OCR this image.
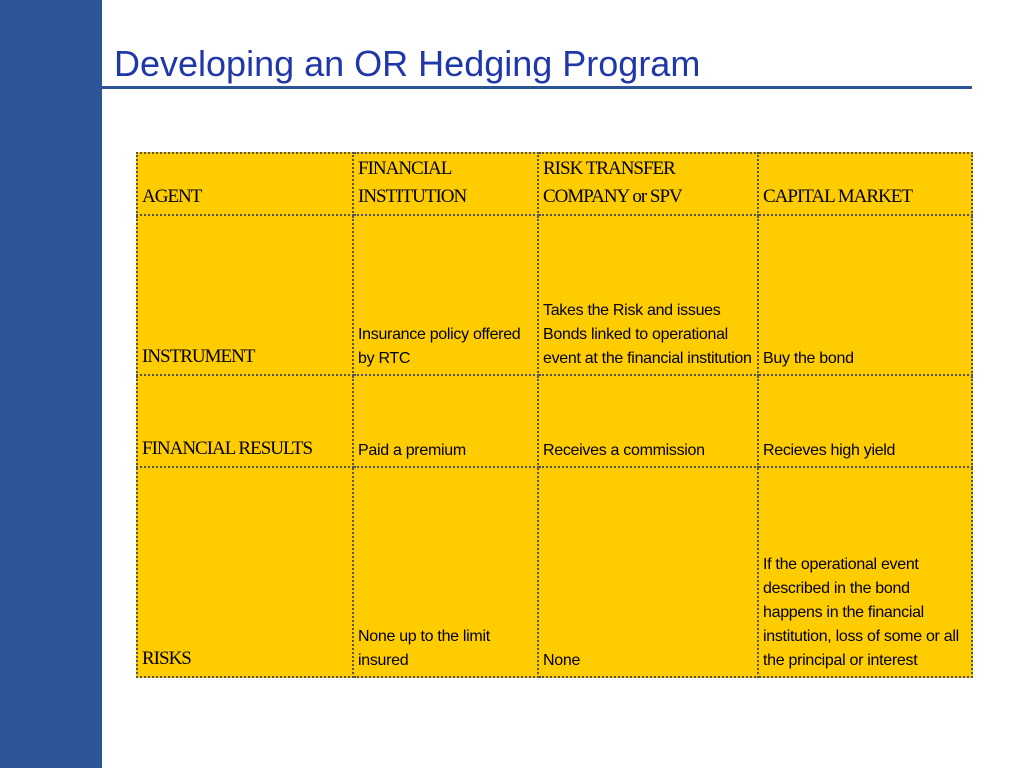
Developing an OR Hedging Program
AGENT	FINANCIAL INSTITUTION	RISK TRANSFER COMPANY or SPV	CAPITAL MARKET
INSTRUMENT	Insurance policy offered by RTC	Takes the Risk and issues Bonds linked to operational event at the financial institution	Buy the bond
FINANCIAL RESULTS	Paid a premium	Receives a commission	Recieves high yield
RISKS	None up to the limit insured	None	If the operational event described in the bond happens in the financial institution, loss of some or all the principal or interest
